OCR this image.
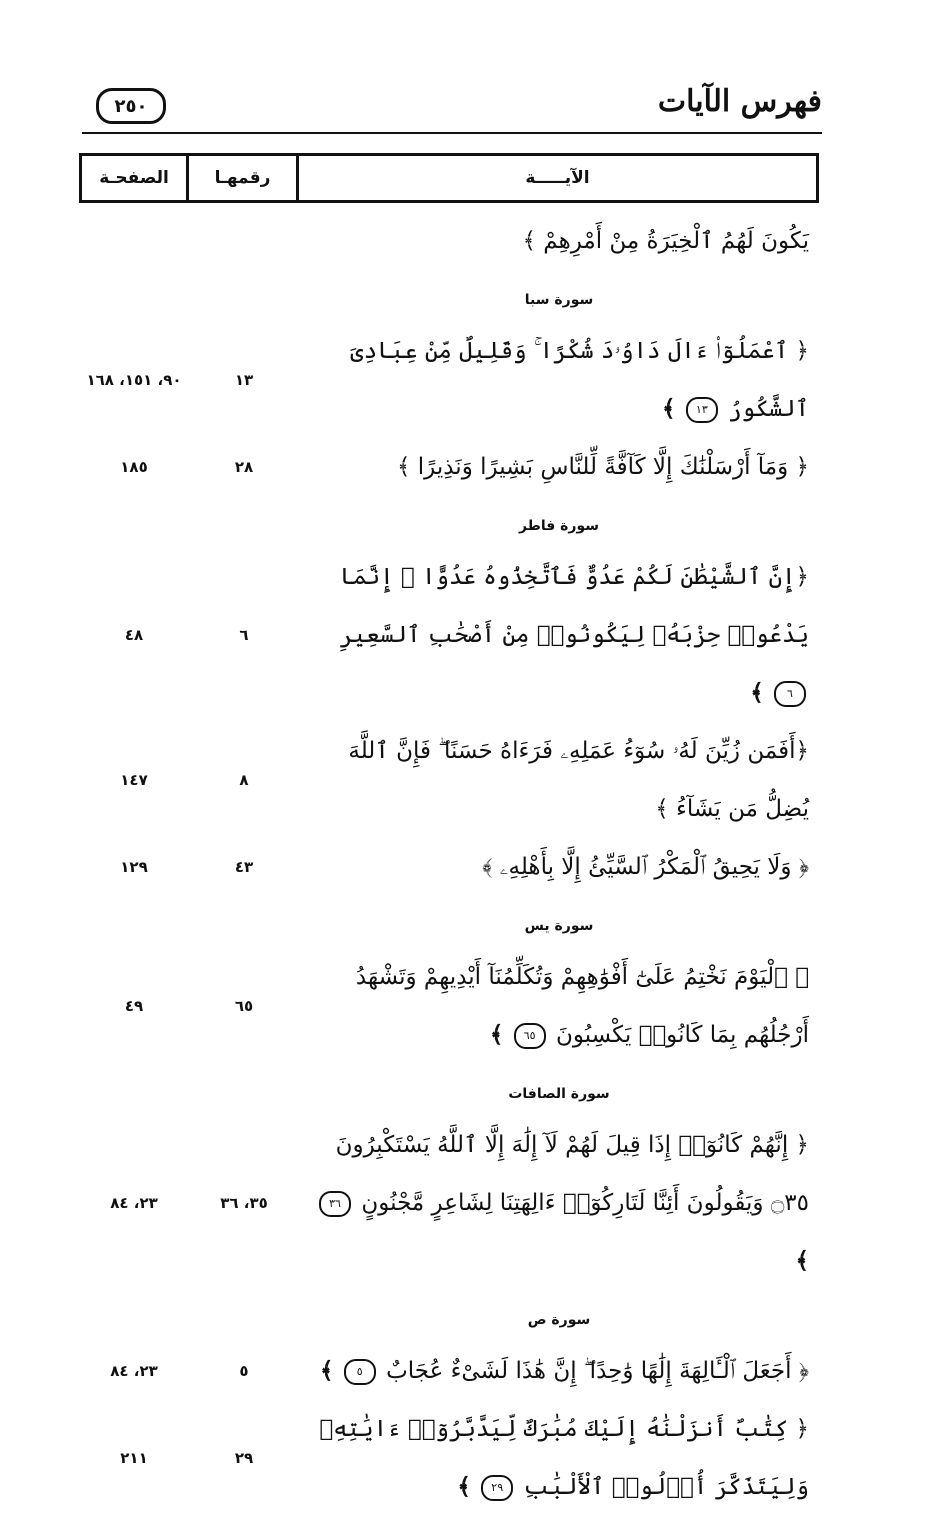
فهرس الآيات
٢٥٠
الآيـــــة
رقمهـا
الصفحـة
يَكُونَ لَهُمُ ٱلْخِيَرَةُ مِنْ أَمْرِهِمْ ﴾
سورة سبا
﴿ ٱعْمَلُوٓا۟ ءَالَ دَاوُۥدَ شُكْرًا ۚ وَقَلِيلٌ مِّنْ عِبَادِىَ ٱلشَّكُورُ ١٣ ﴾
١٣
٩٠، ١٥١، ١٦٨
﴿ وَمَآ أَرْسَلْنَٰكَ إِلَّا كَآفَّةً لِّلنَّاسِ بَشِيرًا وَنَذِيرًا ﴾
٢٨
١٨٥
سورة فاطر
﴿إِنَّ ٱلشَّيْطَٰنَ لَكُمْ عَدُوٌّ فَٱتَّخِذُوهُ عَدُوًّا ۚ إِنَّمَا يَدْعُوا۟ حِزْبَهُۥ لِيَكُونُوا۟ مِنْ أَصْحَٰبِ ٱلسَّعِيرِ ٦ ﴾
٦
٤٨
﴿أَفَمَن زُيِّنَ لَهُۥ سُوٓءُ عَمَلِهِۦ فَرَءَاهُ حَسَنًا ۖ فَإِنَّ ٱللَّهَ يُضِلُّ مَن يَشَآءُ ﴾
٨
١٤٧
﴿ وَلَا يَحِيقُ ٱلْمَكْرُ ٱلسَّيِّئُ إِلَّا بِأَهْلِهِۦ ﴾
٤٣
١٢٩
سورة يس
﴿ ٱلْيَوْمَ نَخْتِمُ عَلَىٰٓ أَفْوَٰهِهِمْ وَتُكَلِّمُنَآ أَيْدِيهِمْ وَتَشْهَدُ أَرْجُلُهُم بِمَا كَانُوا۟ يَكْسِبُونَ ٦٥ ﴾
٦٥
٤٩
سورة الصافات
﴿ إِنَّهُمْ كَانُوٓا۟ إِذَا قِيلَ لَهُمْ لَآ إِلَٰهَ إِلَّا ٱللَّهُ يَسْتَكْبِرُونَ ۝٣٥ وَيَقُولُونَ أَئِنَّا لَتَارِكُوٓا۟ ءَالِهَتِنَا لِشَاعِرٍ مَّجْنُونٍ ٣٦ ﴾
٣٥، ٣٦
٢٣، ٨٤
سورة ص
﴿ أَجَعَلَ ٱلْـَٔالِهَةَ إِلَٰهًا وَٰحِدًا ۖ إِنَّ هَٰذَا لَشَىْءٌ عُجَابٌ ٥ ﴾
٥
٢٣، ٨٤
﴿ كِتَٰبٌ أَنزَلْنَٰهُ إِلَيْكَ مُبَٰرَكٌ لِّيَدَّبَّرُوٓا۟ ءَايَٰتِهِۦ وَلِيَتَذَكَّرَ أُو۟لُوا۟ ٱلْأَلْبَٰبِ ٢٩ ﴾
٢٩
٢١١
